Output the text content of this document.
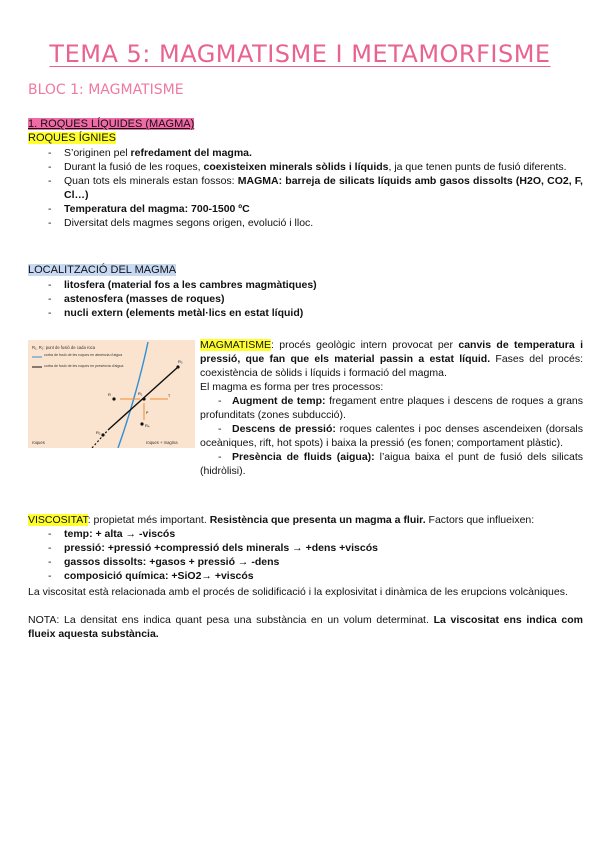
TEMA 5: MAGMATISME I METAMORFISME
BLOC 1: MAGMATISME
1. ROQUES LÍQUIDES (MAGMA)
ROQUES ÍGNIES
- S’originen pel refredament del magma.
- Durant la fusió de les roques, coexisteixen minerals sòlids i líquids, ja que tenen punts de fusió diferents.
- Quan tots els minerals estan fossos: MAGMA: barreja de silicats líquids amb gasos dissolts (H2O, CO2, F, Cl…)
- Temperatura del magma: 700-1500 ºC
- Diversitat dels magmes segons origen, evolució i lloc.
LOCALITZACIÓ DEL MAGMA
- litosfera (material fos a les cambres magmàtiques)
- astenosfera (masses de roques)
- nucli extern (elements metàl·lics en estat líquid)
R₁, R₂: punt de fusió de cada roca
corba de fusió de les roques en absència d’aigua
corba de fusió de les roques en presència d’aigua
R₃
R₁
R
R₂
R₄
P
T
roques	roques + magma
MAGMATISME: procés geològic intern provocat per canvis de temperatura i pressió, que fan que els material passin a estat líquid. Fases del procés: coexistència de sòlids i líquids i formació del magma.
El magma es forma per tres processos:
- Augment de temp: fregament entre plaques i descens de roques a grans profunditats (zones subducció).
- Descens de pressió: roques calentes i poc denses ascendeixen (dorsals oceàniques, rift, hot spots) i baixa la pressió (es fonen; comportament plàstic).
- Presència de fluids (aigua): l’aigua baixa el punt de fusió dels silicats (hidròlisi).
VISCOSITAT: propietat més important. Resistència que presenta un magma a fluir. Factors que influeixen:
- temp: + alta → -viscós
- pressió: +pressió +compressió dels minerals → +dens +viscós
- gassos dissolts: +gasos + pressió → -dens
- composició química: +SiO2→ +viscós
La viscositat està relacionada amb el procés de solidificació i la explosivitat i dinàmica de les erupcions volcàniques.
NOTA: La densitat ens indica quant pesa una substància en un volum determinat. La viscositat ens indica com flueix aquesta substància.
